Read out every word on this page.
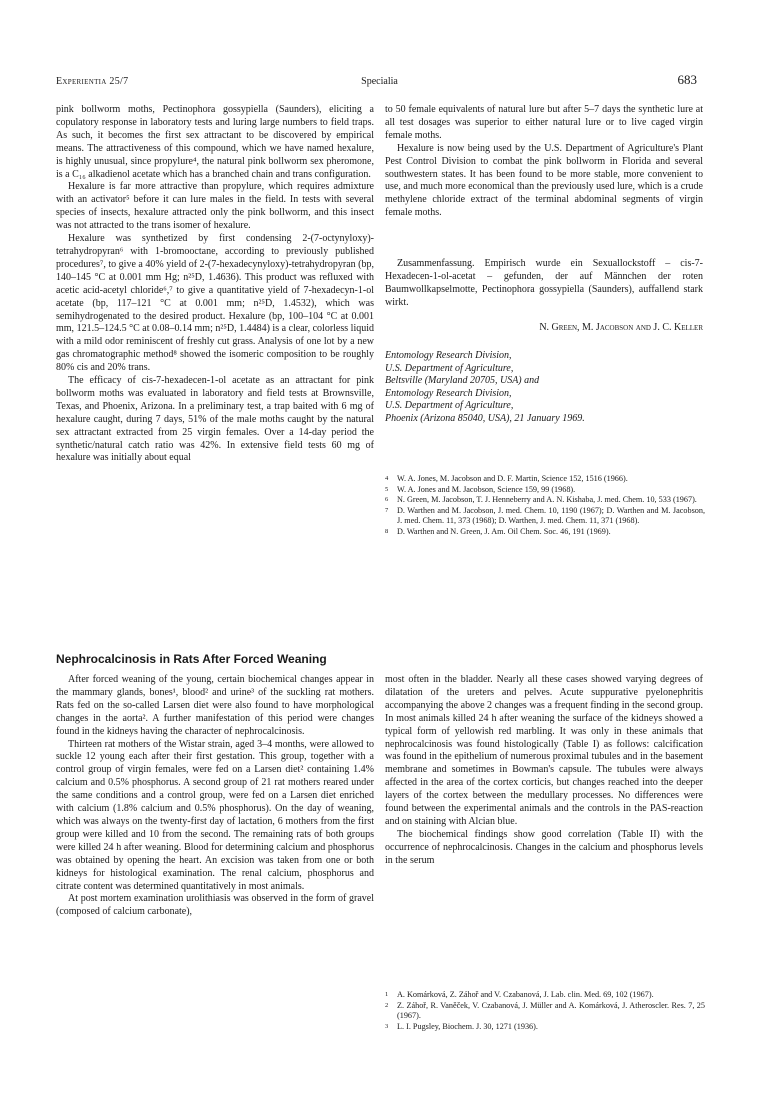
Experientia 25/7	Specialia	683

pink bollworm moths, Pectinophora gossypiella (Saunders), eliciting a copulatory response in laboratory tests and luring large numbers to field traps. As such, it becomes the first sex attractant to be discovered by empirical means. The attractiveness of this compound, which we have named hexalure, is highly unusual, since propylure⁴, the natural pink bollworm sex pheromone, is a C₁₆ alkadienol acetate which has a branched chain and trans configuration.

Hexalure is far more attractive than propylure, which requires admixture with an activator⁵ before it can lure males in the field. In tests with several species of insects, hexalure attracted only the pink bollworm, and this insect was not attracted to the trans isomer of hexalure.

Hexalure was synthetized by first condensing 2-(7-octynyloxy)-tetrahydropyran⁶ with 1-bromooctane, according to previously published procedures⁷, to give a 40% yield of 2-(7-hexadecynyloxy)-tetrahydropyran (bp, 140–145 °C at 0.001 mm Hg; n²⁵D, 1.4636). This product was refluxed with acetic acid-acetyl chloride⁶,⁷ to give a quantitative yield of 7-hexadecyn-1-ol acetate (bp, 117–121 °C at 0.001 mm; n²⁵D, 1.4532), which was semihydrogenated to the desired product. Hexalure (bp, 100–104 °C at 0.001 mm, 121.5–124.5 °C at 0.08–0.14 mm; n²⁵D, 1.4484) is a clear, colorless liquid with a mild odor reminiscent of freshly cut grass. Analysis of one lot by a new gas chromatographic method⁸ showed the isomeric composition to be roughly 80% cis and 20% trans.

The efficacy of cis-7-hexadecen-1-ol acetate as an attractant for pink bollworm moths was evaluated in laboratory and field tests at Brownsville, Texas, and Phoenix, Arizona. In a preliminary test, a trap baited with 6 mg of hexalure caught, during 7 days, 51% of the male moths caught by the natural sex attractant extracted from 25 virgin females. Over a 14-day period the synthetic/natural catch ratio was 42%. In extensive field tests 60 mg of hexalure was initially about equal

to 50 female equivalents of natural lure but after 5–7 days the synthetic lure at all test dosages was superior to either natural lure or to live caged virgin female moths.

Hexalure is now being used by the U.S. Department of Agriculture's Plant Pest Control Division to combat the pink bollworm in Florida and several southwestern states. It has been found to be more stable, more convenient to use, and much more economical than the previously used lure, which is a crude methylene chloride extract of the terminal abdominal segments of virgin female moths.

Zusammenfassung. Empirisch wurde ein Sexuallockstoff – cis-7-Hexadecen-1-ol-acetat – gefunden, der auf Männchen der roten Baumwollkapselmotte, Pectinophora gossypiella (Saunders), auffallend stark wirkt.

N. Green, M. Jacobson and J. C. Keller
Entomology Research Division,
U.S. Department of Agriculture,
Beltsville (Maryland 20705, USA) and
Entomology Research Division,
U.S. Department of Agriculture,
Phoenix (Arizona 85040, USA), 21 January 1969.
4 W. A. Jones, M. Jacobson and D. F. Martin, Science 152, 1516 (1966).
5 W. A. Jones and M. Jacobson, Science 159, 99 (1968).
6 N. Green, M. Jacobson, T. J. Henneberry and A. N. Kishaba, J. med. Chem. 10, 533 (1967).
7 D. Warthen and M. Jacobson, J. med. Chem. 10, 1190 (1967); D. Warthen and M. Jacobson, J. med. Chem. 11, 373 (1968); D. Warthen, J. med. Chem. 11, 371 (1968).
8 D. Warthen and N. Green, J. Am. Oil Chem. Soc. 46, 191 (1969).
Nephrocalcinosis in Rats After Forced Weaning

After forced weaning of the young, certain biochemical changes appear in the mammary glands, bones¹, blood² and urine³ of the suckling rat mothers. Rats fed on the so-called Larsen diet were also found to have morphological changes in the aorta². A further manifestation of this period were changes found in the kidneys having the character of nephrocalcinosis.

Thirteen rat mothers of the Wistar strain, aged 3–4 months, were allowed to suckle 12 young each after their first gestation. This group, together with a control group of virgin females, were fed on a Larsen diet² containing 1.4% calcium and 0.5% phosphorus. A second group of 21 rat mothers reared under the same conditions and a control group, were fed on a Larsen diet enriched with calcium (1.8% calcium and 0.5% phosphorus). On the day of weaning, which was always on the twenty-first day of lactation, 6 mothers from the first group were killed and 10 from the second. The remaining rats of both groups were killed 24 h after weaning. Blood for determining calcium and phosphorus was obtained by opening the heart. An excision was taken from one or both kidneys for histological examination. The renal calcium, phosphorus and citrate content was determined quantitatively in most animals.

At post mortem examination urolithiasis was observed in the form of gravel (composed of calcium carbonate),

most often in the bladder. Nearly all these cases showed varying degrees of dilatation of the ureters and pelves. Acute suppurative pyelonephritis accompanying the above 2 changes was a frequent finding in the second group. In most animals killed 24 h after weaning the surface of the kidneys showed a typical form of yellowish red marbling. It was only in these animals that nephrocalcinosis was found histologically (Table I) as follows: calcification was found in the epithelium of numerous proximal tubules and in the basement membrane and sometimes in Bowman's capsule. The tubules were always affected in the area of the cortex corticis, but changes reached into the deeper layers of the cortex between the medullary processes. No differences were found between the experimental animals and the controls in the PAS-reaction and on staining with Alcian blue.

The biochemical findings show good correlation (Table II) with the occurrence of nephrocalcinosis. Changes in the calcium and phosphorus levels in the serum

1 A. Komárková, Z. Záhoř and V. Czabanová, J. Lab. clin. Med. 69, 102 (1967).
2 Z. Záhoř, R. Vaněček, V. Czabanová, J. Müller and A. Komárková, J. Atheroscler. Res. 7, 25 (1967).
3 L. I. Pugsley, Biochem. J. 30, 1271 (1936).
